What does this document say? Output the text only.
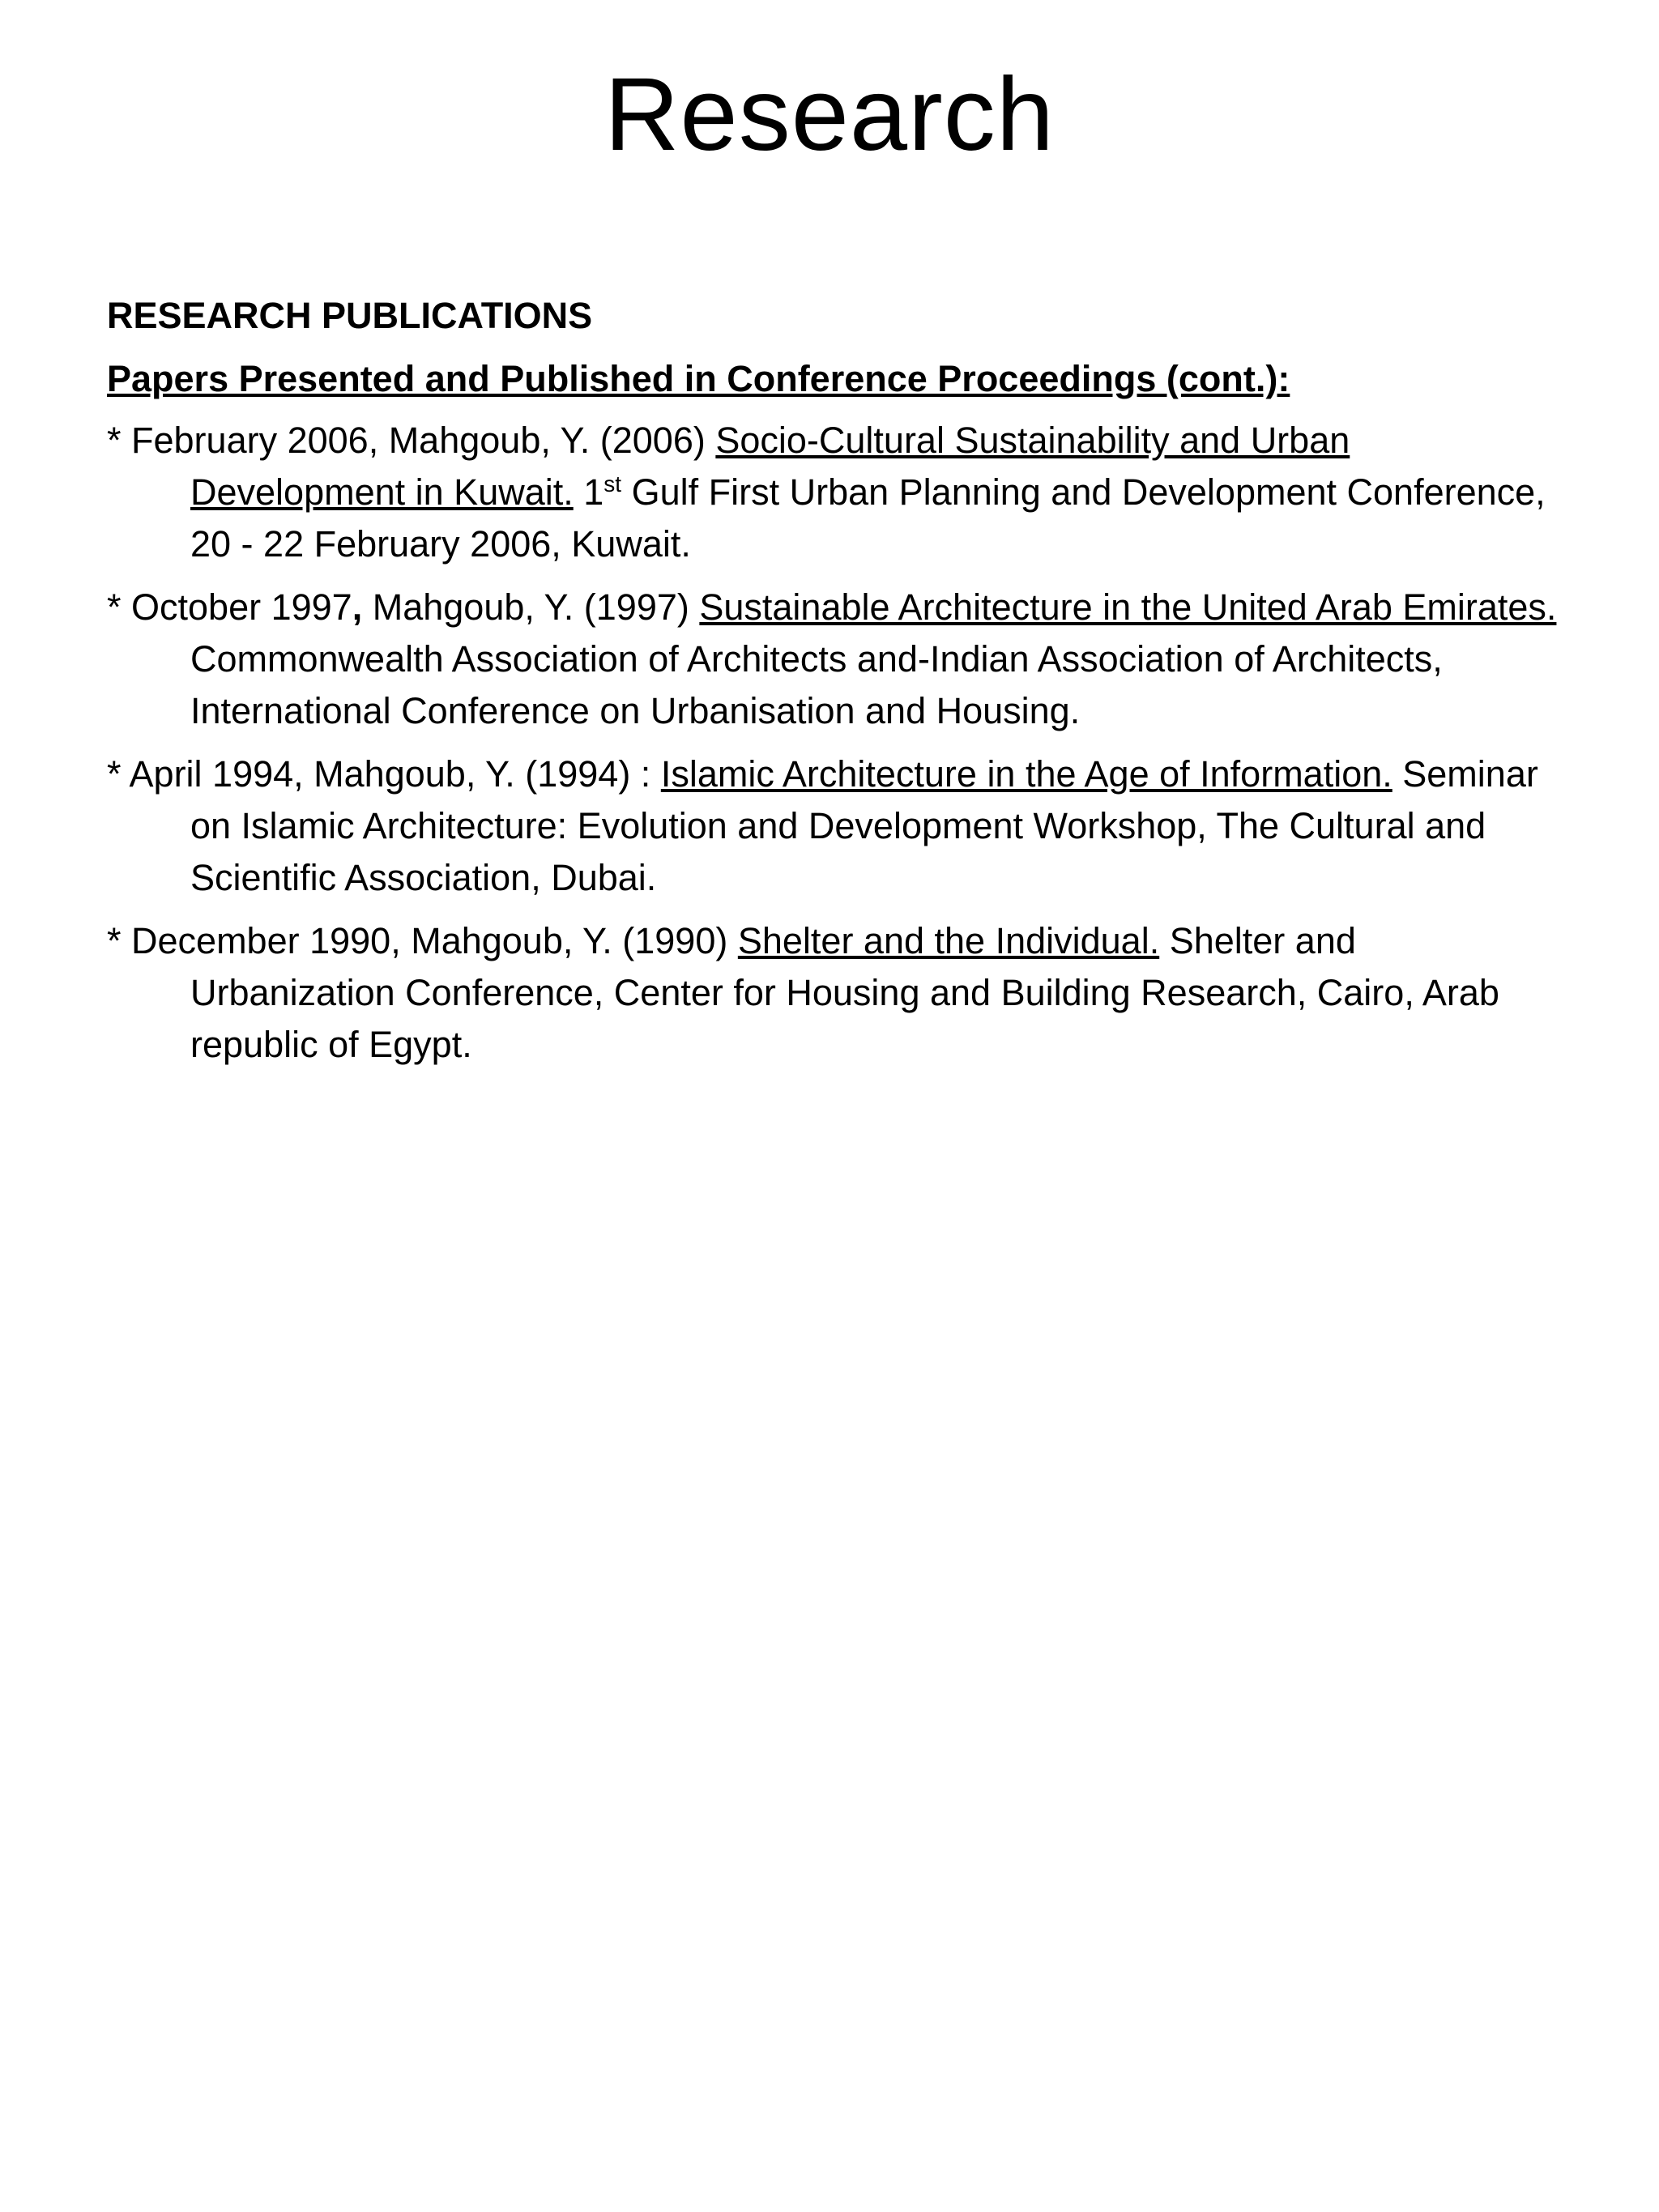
Research

RESEARCH PUBLICATIONS

Papers Presented and Published in Conference Proceedings (cont.):

* February 2006, Mahgoub, Y. (2006) Socio-Cultural Sustainability and Urban Development in Kuwait. 1st Gulf First Urban Planning and Development Conference, 20 - 22 February 2006, Kuwait.

* October 1997, Mahgoub, Y. (1997) Sustainable Architecture in the United Arab Emirates. Commonwealth Association of Architects and-Indian Association of Architects, International Conference on Urbanisation and Housing.

* April 1994, Mahgoub, Y. (1994) : Islamic Architecture in the Age of Information. Seminar on Islamic Architecture: Evolution and Development Workshop, The Cultural and Scientific Association, Dubai.

* December 1990, Mahgoub, Y. (1990) Shelter and the Individual. Shelter and Urbanization Conference, Center for Housing and Building Research, Cairo, Arab republic of Egypt.
